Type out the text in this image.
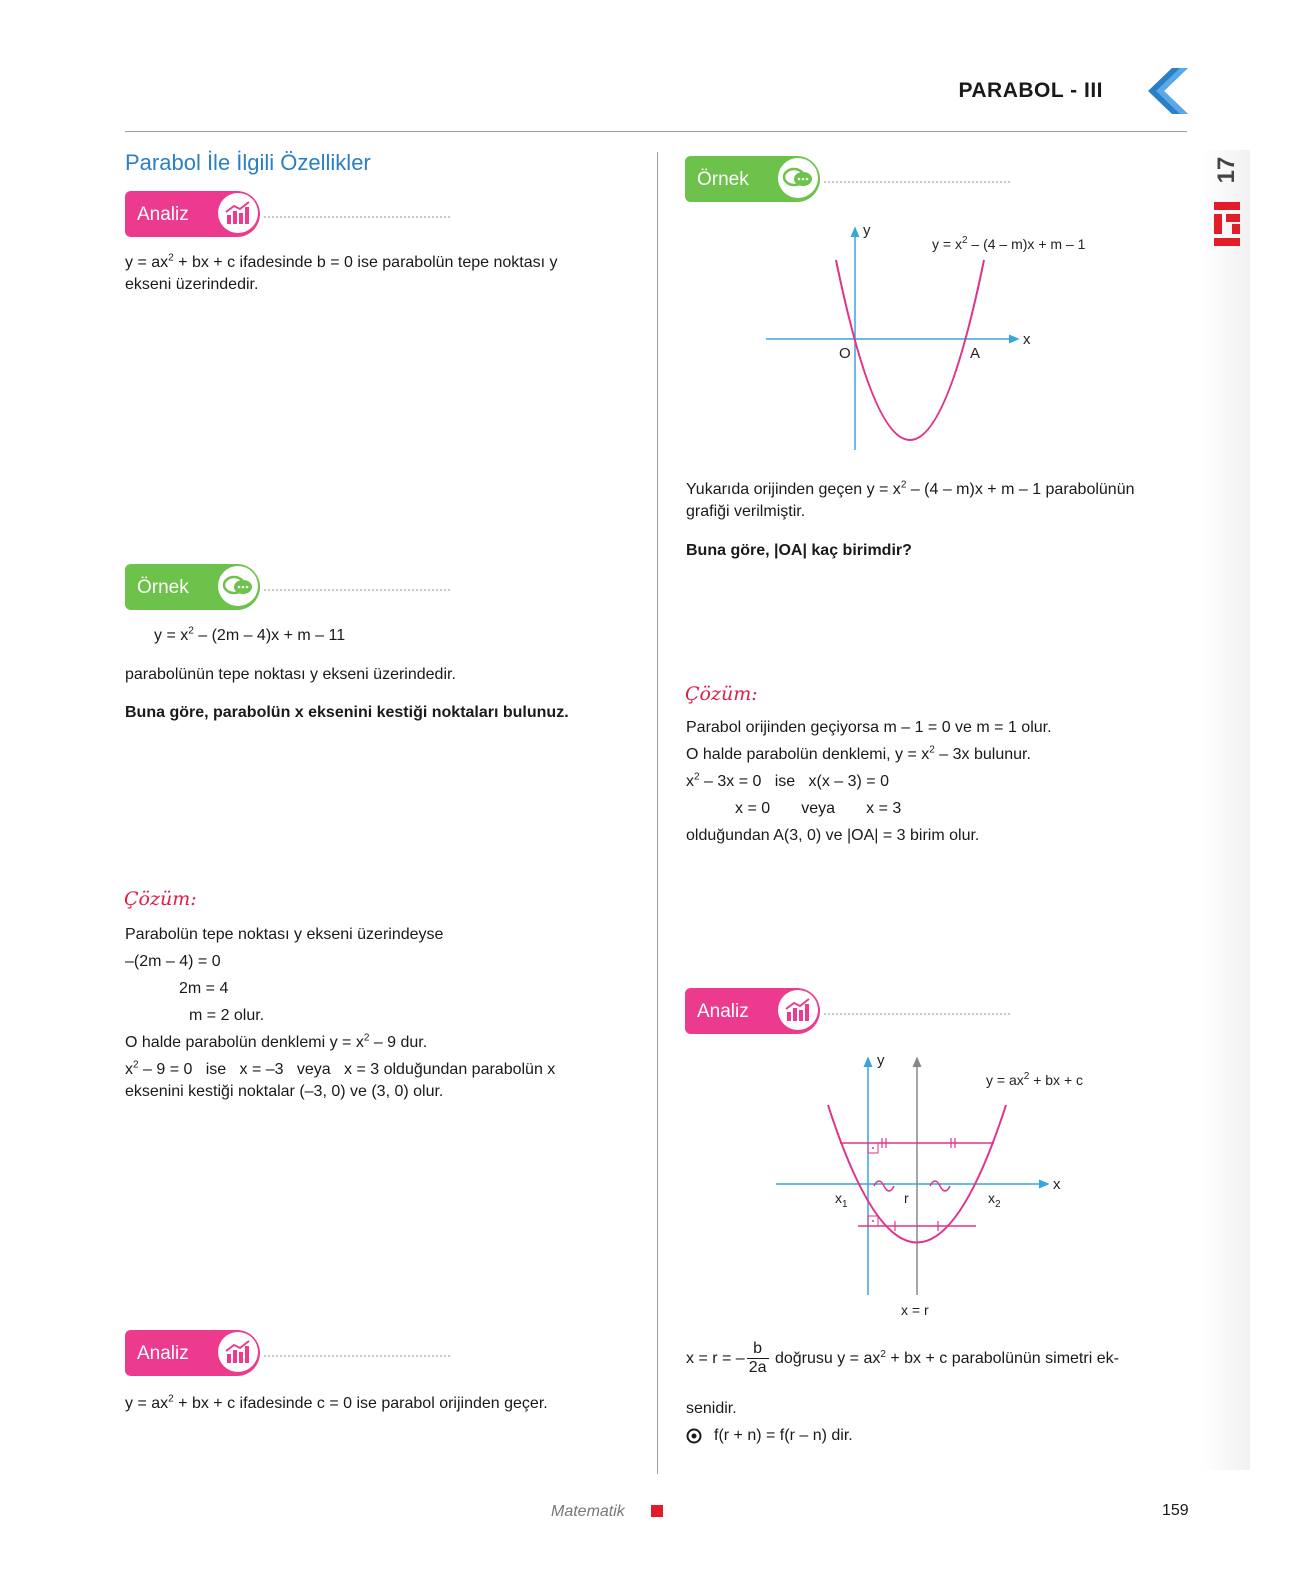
PARABOL - III
17
Parabol İle İlgili Özellikler
Analiz
$y = ax^2$ + bx + c ifadesinde b = 0 ise parabolün tepe noktası y
ekseni üzerindedir.
Örnek
$y = x^2 - (2m - 4)x + m - 11$
parabolünün tepe noktası y ekseni üzerindedir.
Buna göre, parabolün x eksenini kestiği noktaları bulunuz.
Çözüm:
Parabolün tepe noktası y ekseni üzerindeyse
–(2m – 4) = 0
2m = 4
m = 2 olur.
O halde parabolün denklemi $y = x^2 - 9$ dur.
$x^2 - 9 = 0$   ise   x = –3   veya   x = 3 olduğundan parabolün x
eksenini kestiği noktalar (–3, 0) ve (3, 0) olur.
Analiz
$y = ax^2$ + bx + c ifadesinde c = 0 ise parabol orijinden geçer.
Örnek
y
x
O	A
$y = x^2 - (4 - m)x + m - 1$
Yukarıda orijinden geçen $y = x^2 - (4 - m)x + m - 1$ parabolünün
grafiği verilmiştir.
Buna göre, |OA| kaç birimdir?
Çözüm:
Parabol orijinden geçiyorsa m – 1 = 0 ve m = 1 olur.
O halde parabolün denklemi, $y = x^2 - 3x$ bulunur.
$x^2 - 3x = 0$   ise   x(x – 3) = 0
x = 0       veya       x = 3
olduğundan A(3, 0) ve |OA| = 3 birim olur.
Analiz
y
x
$x_1$	$x_2$
r
x = r
$y = ax^2$ + bx + c
x = r = – $\frac{b}{2a}$ doğrusu $y = ax^2$ + bx + c parabolünün simetri ek-
senidir.
f(r + n) = f(r – n) dir.
Matematik	159
